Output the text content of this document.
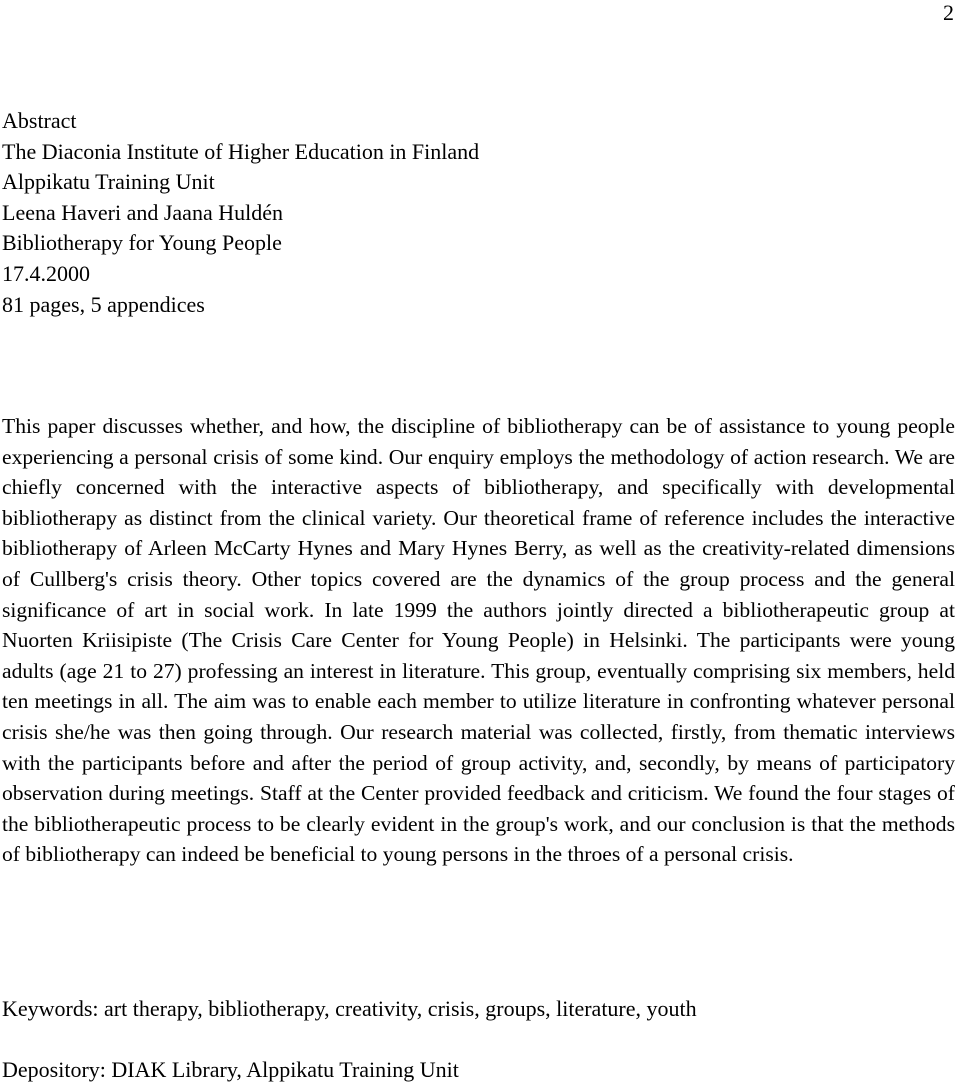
2
Abstract
The Diaconia Institute of Higher Education in Finland
Alppikatu Training Unit
Leena Haveri and Jaana Huldén
Bibliotherapy for Young People
17.4.2000
81 pages, 5 appendices

This paper discusses whether, and how, the discipline of bibliotherapy can be of assistance to young people experiencing a personal crisis of some kind. Our enquiry employs the methodology of action research. We are chiefly concerned with the interactive aspects of bibliotherapy, and specifically with developmental bibliotherapy as distinct from the clinical variety. Our theoretical frame of reference includes the interactive bibliotherapy of Arleen McCarty Hynes and Mary Hynes Berry, as well as the creativity-related dimensions of Cullberg's crisis theory. Other topics covered are the dynamics of the group process and the general significance of art in social work. In late 1999 the authors jointly directed a bibliotherapeutic group at Nuorten Kriisipiste (The Crisis Care Center for Young People) in Helsinki. The participants were young adults (age 21 to 27) professing an interest in literature. This group, eventually comprising six members, held ten meetings in all. The aim was to enable each member to utilize literature in confronting whatever personal crisis she/he was then going through. Our research material was collected, firstly, from thematic interviews with the participants before and after the period of group activity, and, secondly, by means of participatory observation during meetings. Staff at the Center provided feedback and criticism. We found the four stages of the bibliotherapeutic process to be clearly evident in the group's work, and our conclusion is that the methods of bibliotherapy can indeed be beneficial to young persons in the throes of a personal crisis.

Keywords: art therapy, bibliotherapy, creativity, crisis, groups, literature, youth
Depository: DIAK Library, Alppikatu Training Unit
